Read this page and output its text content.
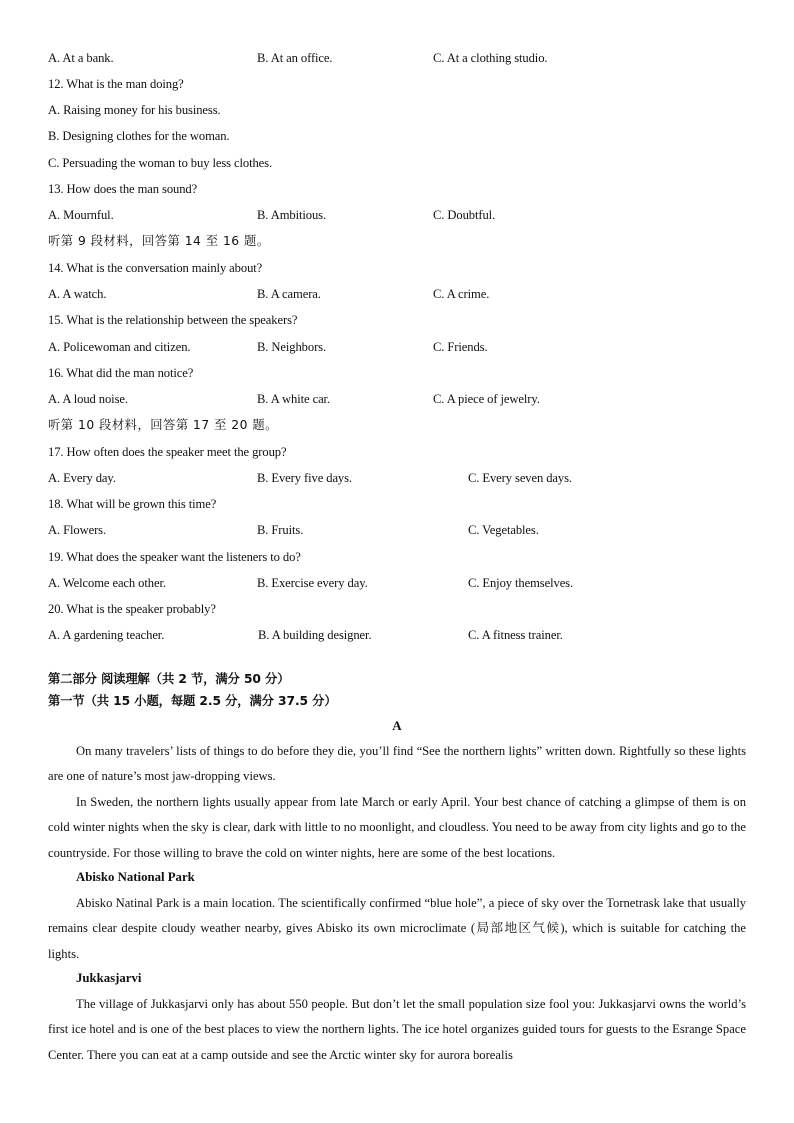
A. At a bank.	B. At an office.	C. At a clothing studio.
12. What is the man doing?
A. Raising money for his business.
B. Designing clothes for the woman.
C. Persuading the woman to buy less clothes.
13. How does the man sound?
A. Mournful.	B. Ambitious.	C. Doubtful.
听第 9 段材料，回答第 14 至 16 题。
14. What is the conversation mainly about?
A. A watch.	B. A camera.	C. A crime.
15. What is the relationship between the speakers?
A. Policewoman and citizen.	B. Neighbors.	C. Friends.
16. What did the man notice?
A. A loud noise.	B. A white car.	C. A piece of jewelry.
听第 10 段材料，回答第 17 至 20 题。
17. How often does the speaker meet the group?
A. Every day.	B. Every five days.	C. Every seven days.
18. What will be grown this time?
A. Flowers.	B. Fruits.	C. Vegetables.
19. What does the speaker want the listeners to do?
A. Welcome each other.	B. Exercise every day.	C. Enjoy themselves.
20. What is the speaker probably?
A. A gardening teacher.	B. A building designer.	C. A fitness trainer.
第二部分 阅读理解（共 2 节，满分 50 分）
第一节（共 15 小题，每题 2.5 分，满分 37.5 分）
A
On many travelers’ lists of things to do before they die, you’ll find “See the northern lights” written down. Rightfully so these lights are one of nature’s most jaw-dropping views.
In Sweden, the northern lights usually appear from late March or early April. Your best chance of catching a glimpse of them is on cold winter nights when the sky is clear, dark with little to no moonlight, and cloudless. You need to be away from city lights and go to the countryside. For those willing to brave the cold on winter nights, here are some of the best locations.
Abisko National Park
Abisko Natinal Park is a main location. The scientifically confirmed “blue hole”, a piece of sky over the Tornetrask lake that usually remains clear despite cloudy weather nearby, gives Abisko its own microclimate (局部地区气候), which is suitable for catching the lights.
Jukkasjarvi
The village of Jukkasjarvi only has about 550 people. But don’t let the small population size fool you: Jukkasjarvi owns the world’s first ice hotel and is one of the best places to view the northern lights. The ice hotel organizes guided tours for guests to the Esrange Space Center. There you can eat at a camp outside and see the Arctic winter sky for aurora borealis
